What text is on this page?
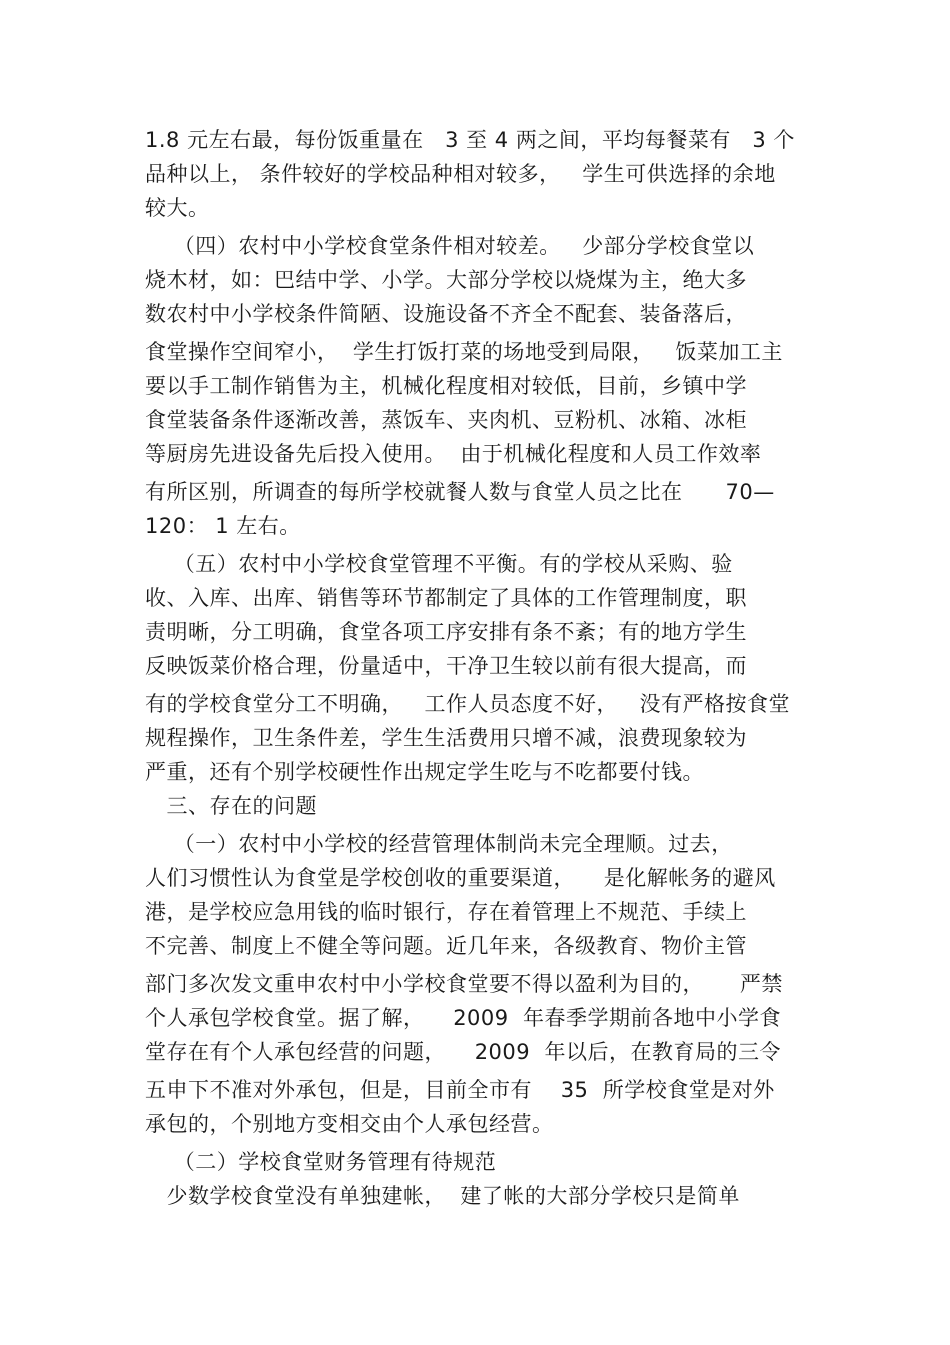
1.8 元左右最，每份饭重量在   3 至 4 两之间，平均每餐菜有   3 个
品种以上， 条件较好的学校品种相对较多，   学生可供选择的余地
较大。
（四）农村中小学校食堂条件相对较差。   少部分学校食堂以
烧木材，如：巴结中学、小学。大部分学校以烧煤为主，绝大多
数农村中小学校条件简陋、设施设备不齐全不配套、装备落后，
食堂操作空间窄小，  学生打饭打菜的场地受到局限，   饭菜加工主
要以手工制作销售为主，机械化程度相对较低，目前，乡镇中学
食堂装备条件逐渐改善，蒸饭车、夹肉机、豆粉机、冰箱、冰柜
等厨房先进设备先后投入使用。  由于机械化程度和人员工作效率
有所区别，所调查的每所学校就餐人数与食堂人员之比在      70—
120： 1 左右。
（五）农村中小学校食堂管理不平衡。有的学校从采购、验
收、入库、出库、销售等环节都制定了具体的工作管理制度，职
责明晰，分工明确，食堂各项工序安排有条不紊；有的地方学生
反映饭菜价格合理，份量适中，干净卫生较以前有很大提高，而
有的学校食堂分工不明确，   工作人员态度不好，   没有严格按食堂
规程操作，卫生条件差，学生生活费用只增不减，浪费现象较为
严重，还有个别学校硬性作出规定学生吃与不吃都要付钱。
三、存在的问题
（一）农村中小学校的经营管理体制尚未完全理顺。过去，
人们习惯性认为食堂是学校创收的重要渠道，    是化解帐务的避风
港，是学校应急用钱的临时银行，存在着管理上不规范、手续上
不完善、制度上不健全等问题。近几年来，各级教育、物价主管
部门多次发文重申农村中小学校食堂要不得以盈利为目的，     严禁
个人承包学校食堂。据了解，    2009  年春季学期前各地中小学食
堂存在有个人承包经营的问题，    2009  年以后，在教育局的三令
五申下不准对外承包，但是，目前全市有    35  所学校食堂是对外
承包的，个别地方变相交由个人承包经营。
（二）学校食堂财务管理有待规范
少数学校食堂没有单独建帐，  建了帐的大部分学校只是简单
